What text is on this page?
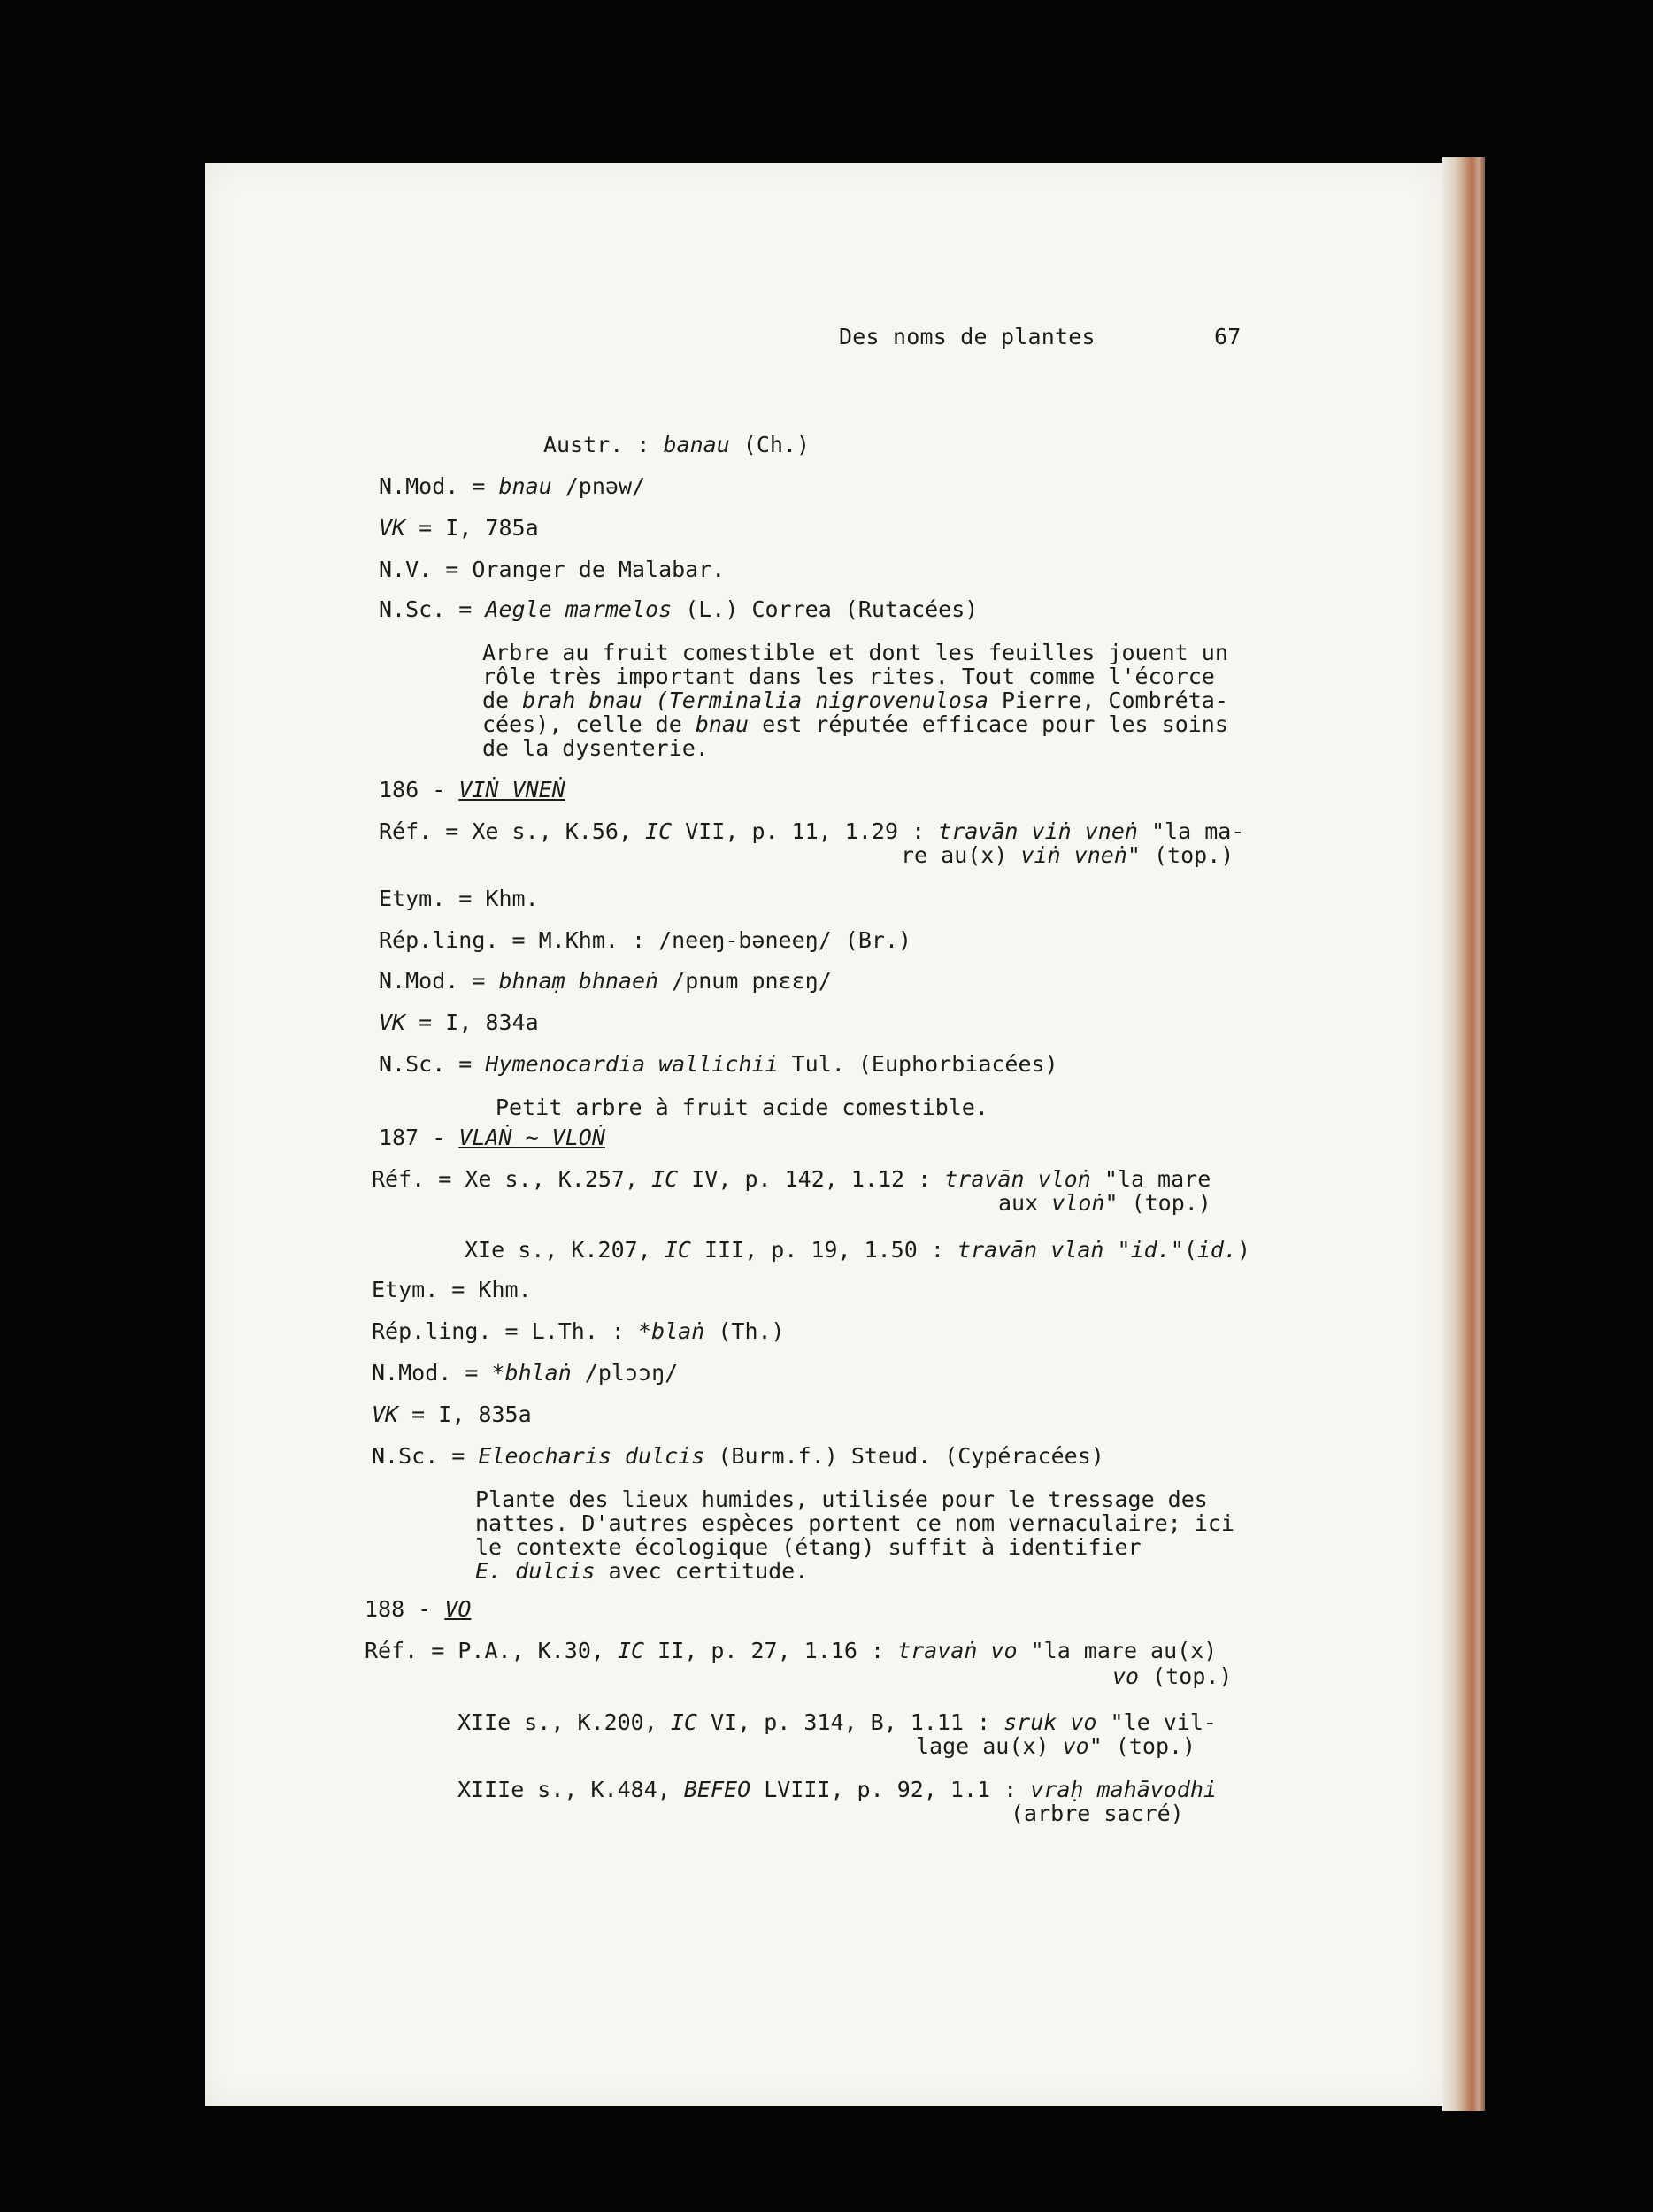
Des noms de plantes	67
Austr. : banau (Ch.)
N.Mod. = bnau /pnəw/
VK = I, 785a
N.V. = Oranger de Malabar.
N.Sc. = Aegle marmelos (L.) Correa (Rutacées)
Arbre au fruit comestible et dont les feuilles jouent un
rôle très important dans les rites. Tout comme l'écorce
de brah bnau (Terminalia nigrovenulosa Pierre, Combréta-
cées), celle de bnau est réputée efficace pour les soins
de la dysenterie.
186 - VIṄ VNEṄ
Réf. = Xe s., K.56, IC VII, p. 11, 1.29 : travān viṅ vneṅ "la ma-
re au(x) viṅ vneṅ" (top.)
Etym. = Khm.
Rép.ling. = M.Khm. : /neeŋ-bəneeŋ/ (Br.)
N.Mod. = bhnaṃ bhnaeṅ /pnum pnɛɛŋ/
VK = I, 834a
N.Sc. = Hymenocardia wallichii Tul. (Euphorbiacées)
Petit arbre à fruit acide comestible.
187 - VLAṄ ~ VLOṄ
Réf. = Xe s., K.257, IC IV, p. 142, 1.12 : travān vloṅ "la mare
aux vloṅ" (top.)
XIe s., K.207, IC III, p. 19, 1.50 : travān vlaṅ "id."(id.)
Etym. = Khm.
Rép.ling. = L.Th. : *blaṅ (Th.)
N.Mod. = *bhlaṅ /plɔɔŋ/
VK = I, 835a
N.Sc. = Eleocharis dulcis (Burm.f.) Steud. (Cypéracées)
Plante des lieux humides, utilisée pour le tressage des
nattes. D'autres espèces portent ce nom vernaculaire; ici
le contexte écologique (étang) suffit à identifier
E. dulcis avec certitude.
188 - VO
Réf. = P.A., K.30, IC II, p. 27, 1.16 : travaṅ vo "la mare au(x)
vo (top.)
XIIe s., K.200, IC VI, p. 314, B, 1.11 : sruk vo "le vil-
lage au(x) vo" (top.)
XIIIe s., K.484, BEFEO LVIII, p. 92, 1.1 : vraḥ mahāvodhi
(arbre sacré)
